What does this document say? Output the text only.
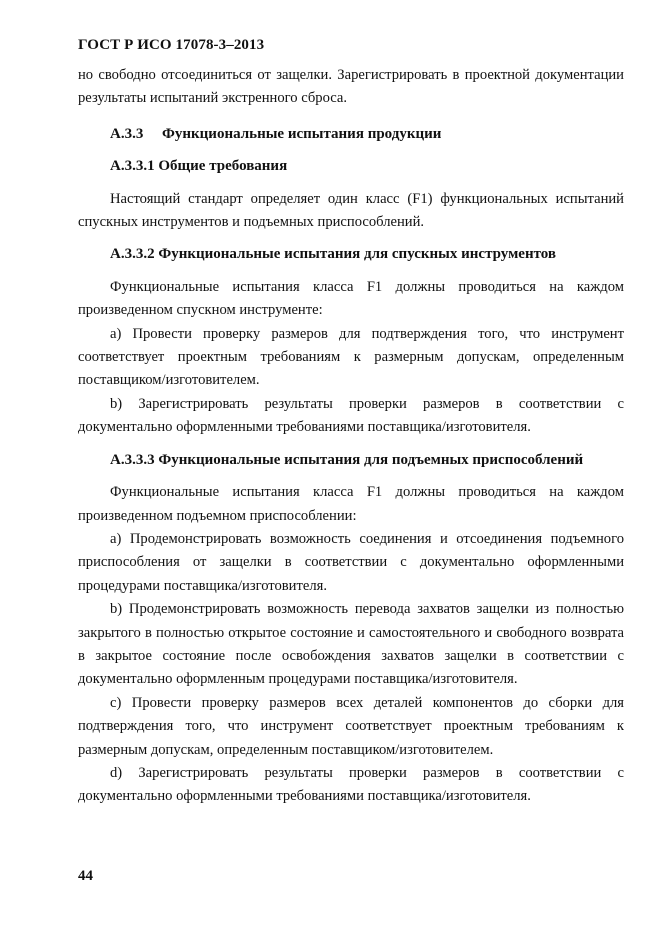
ГОСТ Р ИСО 17078-3–2013

но свободно отсоединиться от защелки. Зарегистрировать в проектной документации результаты испытаний экстренного сброса.

А.3.3 Функциональные испытания продукции

А.3.3.1 Общие требования

Настоящий стандарт определяет один класс (F1) функциональных испытаний спускных инструментов и подъемных приспособлений.

А.3.3.2 Функциональные испытания для спускных инструментов

Функциональные испытания класса F1 должны проводиться на каждом произведенном спускном инструменте:

а) Провести проверку размеров для подтверждения того, что инструмент соответствует проектным требованиям к размерным допускам, определенным поставщиком/изготовителем.

b) Зарегистрировать результаты проверки размеров в соответствии с документально оформленными требованиями поставщика/изготовителя.

А.3.3.3 Функциональные испытания для подъемных приспособлений

Функциональные испытания класса F1 должны проводиться на каждом произведенном подъемном приспособлении:

а) Продемонстрировать возможность соединения и отсоединения подъемного приспособления от защелки в соответствии с документально оформленными процедурами поставщика/изготовителя.

b) Продемонстрировать возможность перевода захватов защелки из полностью закрытого в полностью открытое состояние и самостоятельного и свободного возврата в закрытое состояние после освобождения захватов защелки в соответствии с документально оформленным процедурами поставщика/изготовителя.

c) Провести проверку размеров всех деталей компонентов до сборки для подтверждения того, что инструмент соответствует проектным требованиям к размерным допускам, определенным поставщиком/изготовителем.

d) Зарегистрировать результаты проверки размеров в соответствии с документально оформленными требованиями поставщика/изготовителя.

44
